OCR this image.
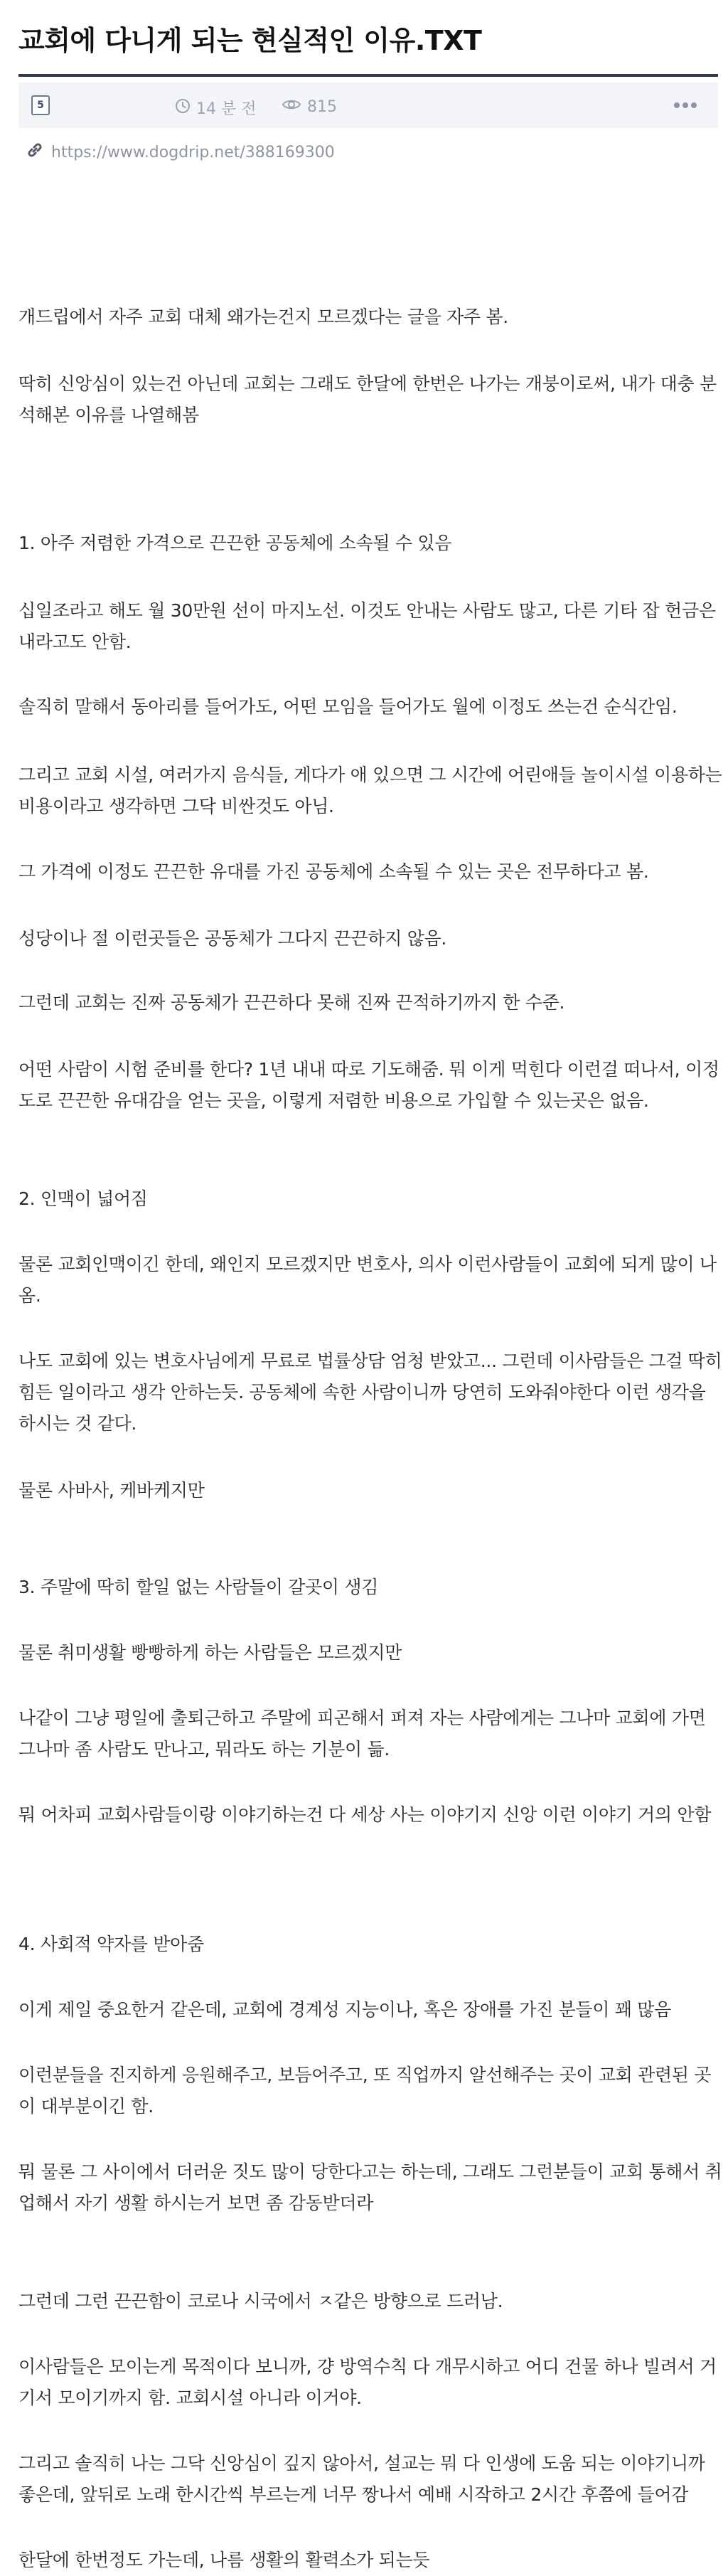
교회에 다니게 되는 현실적인 이유.TXT
5	14 분 전	815
https://www.dogdrip.net/388169300

개드립에서 자주 교회 대체 왜가는건지 모르겠다는 글을 자주 봄.

딱히 신앙심이 있는건 아닌데 교회는 그래도 한달에 한번은 나가는 개붕이로써, 내가 대충 분석해본 이유를 나열해봄

1. 아주 저렴한 가격으로 끈끈한 공동체에 소속될 수 있음

십일조라고 해도 월 30만원 선이 마지노선. 이것도 안내는 사람도 많고, 다른 기타 잡 헌금은 내라고도 안함.

솔직히 말해서 동아리를 들어가도, 어떤 모임을 들어가도 월에 이정도 쓰는건 순식간임.

그리고 교회 시설, 여러가지 음식들, 게다가 애 있으면 그 시간에 어린애들 놀이시설 이용하는 비용이라고 생각하면 그닥 비싼것도 아님.

그 가격에 이정도 끈끈한 유대를 가진 공동체에 소속될 수 있는 곳은 전무하다고 봄.

성당이나 절 이런곳들은 공동체가 그다지 끈끈하지 않음.

그런데 교회는 진짜 공동체가 끈끈하다 못해 진짜 끈적하기까지 한 수준.

어떤 사람이 시험 준비를 한다? 1년 내내 따로 기도해줌. 뭐 이게 먹힌다 이런걸 떠나서, 이정도로 끈끈한 유대감을 얻는 곳을, 이렇게 저렴한 비용으로 가입할 수 있는곳은 없음.

2. 인맥이 넓어짐

물론 교회인맥이긴 한데, 왜인지 모르겠지만 변호사, 의사 이런사람들이 교회에 되게 많이 나옴.

나도 교회에 있는 변호사님에게 무료로 법률상담 엄청 받았고... 그런데 이사람들은 그걸 딱히 힘든 일이라고 생각 안하는듯. 공동체에 속한 사람이니까 당연히 도와줘야한다 이런 생각을 하시는 것 같다.

물론 사바사, 케바케지만

3. 주말에 딱히 할일 없는 사람들이 갈곳이 생김

물론 취미생활 빵빵하게 하는 사람들은 모르겠지만

나같이 그냥 평일에 출퇴근하고 주말에 피곤해서 퍼져 자는 사람에게는 그나마 교회에 가면 그나마 좀 사람도 만나고, 뭐라도 하는 기분이 듦.

뭐 어차피 교회사람들이랑 이야기하는건 다 세상 사는 이야기지 신앙 이런 이야기 거의 안함

4. 사회적 약자를 받아줌

이게 제일 중요한거 같은데, 교회에 경계성 지능이나, 혹은 장애를 가진 분들이 꽤 많음

이런분들을 진지하게 응원해주고, 보듬어주고, 또 직업까지 알선해주는 곳이 교회 관련된 곳이 대부분이긴 함.

뭐 물론 그 사이에서 더러운 짓도 많이 당한다고는 하는데, 그래도 그런분들이 교회 통해서 취업해서 자기 생활 하시는거 보면 좀 감동받더라

그런데 그런 끈끈함이 코로나 시국에서 ㅈ같은 방향으로 드러남.

이사람들은 모이는게 목적이다 보니까, 걍 방역수칙 다 개무시하고 어디 건물 하나 빌려서 거기서 모이기까지 함. 교회시설 아니라 이거야.

그리고 솔직히 나는 그닥 신앙심이 깊지 않아서, 설교는 뭐 다 인생에 도움 되는 이야기니까 좋은데, 앞뒤로 노래 한시간씩 부르는게 너무 짱나서 예배 시작하고 2시간 후쯤에 들어감

한달에 한번정도 가는데, 나름 생활의 활력소가 되는듯
